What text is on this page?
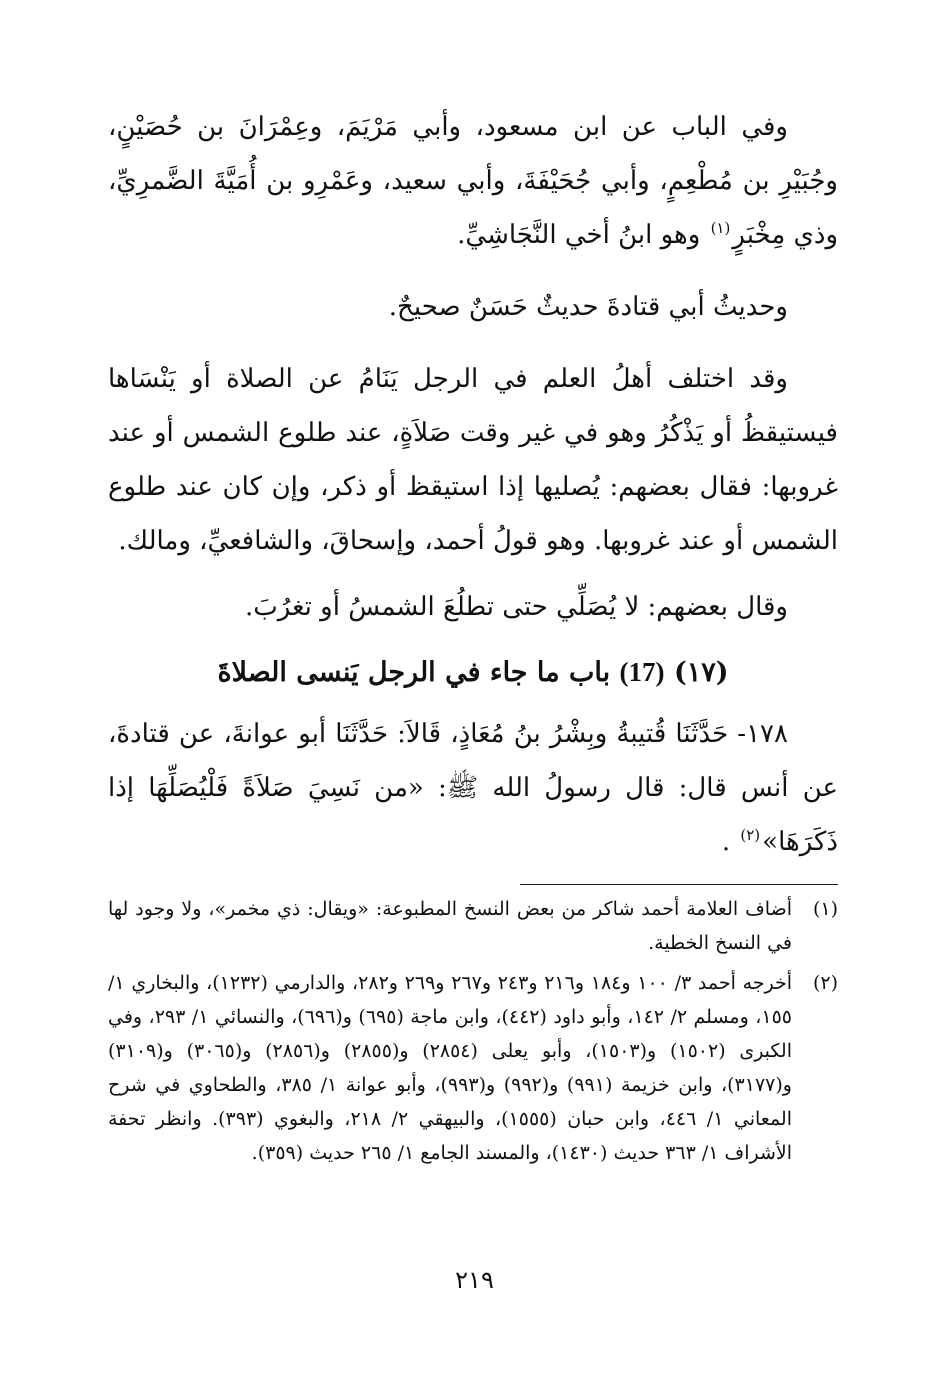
وفي الباب عن ابن مسعود، وأبي مَرْيَمَ، وعِمْرَانَ بن حُصَيْنٍ، وجُبَيْرِ بن مُطْعِمٍ، وأبي جُحَيْفَةَ، وأبي سعيد، وعَمْرِو بن أُمَيَّةَ الضَّمرِيِّ، وذي مِخْبَرٍ$^{(١)}$ وهو ابنُ أخي النَّجَاشِيِّ.

وحديثُ أبي قتادةَ حديثٌ حَسَنٌ صحيحٌ.

وقد اختلف أهلُ العلم في الرجل يَنَامُ عن الصلاة أو يَنْسَاها فيستيقظُ أو يَذْكُرُ وهو في غير وقت صَلاَةٍ، عند طلوع الشمس أو عند غروبها: فقال بعضهم: يُصليها إذا استيقظ أو ذكر، وإن كان عند طلوع الشمس أو عند غروبها. وهو قولُ أحمد، وإسحاقَ، والشافعيِّ، ومالك.

وقال بعضهم: لا يُصَلِّي حتى تطلُعَ الشمسُ أو تغرُبَ.

(١٧) (17) باب ما جاء في الرجل يَنسى الصلاةَ

١٧٨- حَدَّثَنَا قُتيبةُ وبِشْرُ بنُ مُعَاذٍ، قَالاَ: حَدَّثَنَا أبو عوانةَ، عن قتادةَ، عن أنس قال: قال رسولُ الله ﷺ: «من نَسِيَ صَلاَةً فَلْيُصَلِّهَا إذا ذَكَرَهَا»$^{(٢)}$ .

(١)
أضاف العلامة أحمد شاكر من بعض النسخ المطبوعة: «ويقال: ذي مخمر»، ولا وجود لها في النسخ الخطية.
(٢)
أخرجه أحمد ٣/ ١٠٠ و١٨٤ و٢١٦ و٢٤٣ و٢٦٧ و٢٦٩ و٢٨٢، والدارمي (١٢٣٢)، والبخاري ١/ ١٥٥، ومسلم ٢/ ١٤٢، وأبو داود (٤٤٢)، وابن ماجة (٦٩٥) و(٦٩٦)، والنسائي ١/ ٢٩٣، وفي الكبرى (١٥٠٢) و(١٥٠٣)، وأبو يعلى (٢٨٥٤) و(٢٨٥٥) و(٢٨٥٦) و(٣٠٦٥) و(٣١٠٩) و(٣١٧٧)، وابن خزيمة (٩٩١) و(٩٩٢) و(٩٩٣)، وأبو عوانة ١/ ٣٨٥، والطحاوي في شرح المعاني ١/ ٤٤٦، وابن حبان (١٥٥٥)، والبيهقي ٢/ ٢١٨، والبغوي (٣٩٣). وانظر تحفة الأشراف ١/ ٣٦٣ حديث (١٤٣٠)، والمسند الجامع ١/ ٢٦٥ حديث (٣٥٩).
٢١٩
